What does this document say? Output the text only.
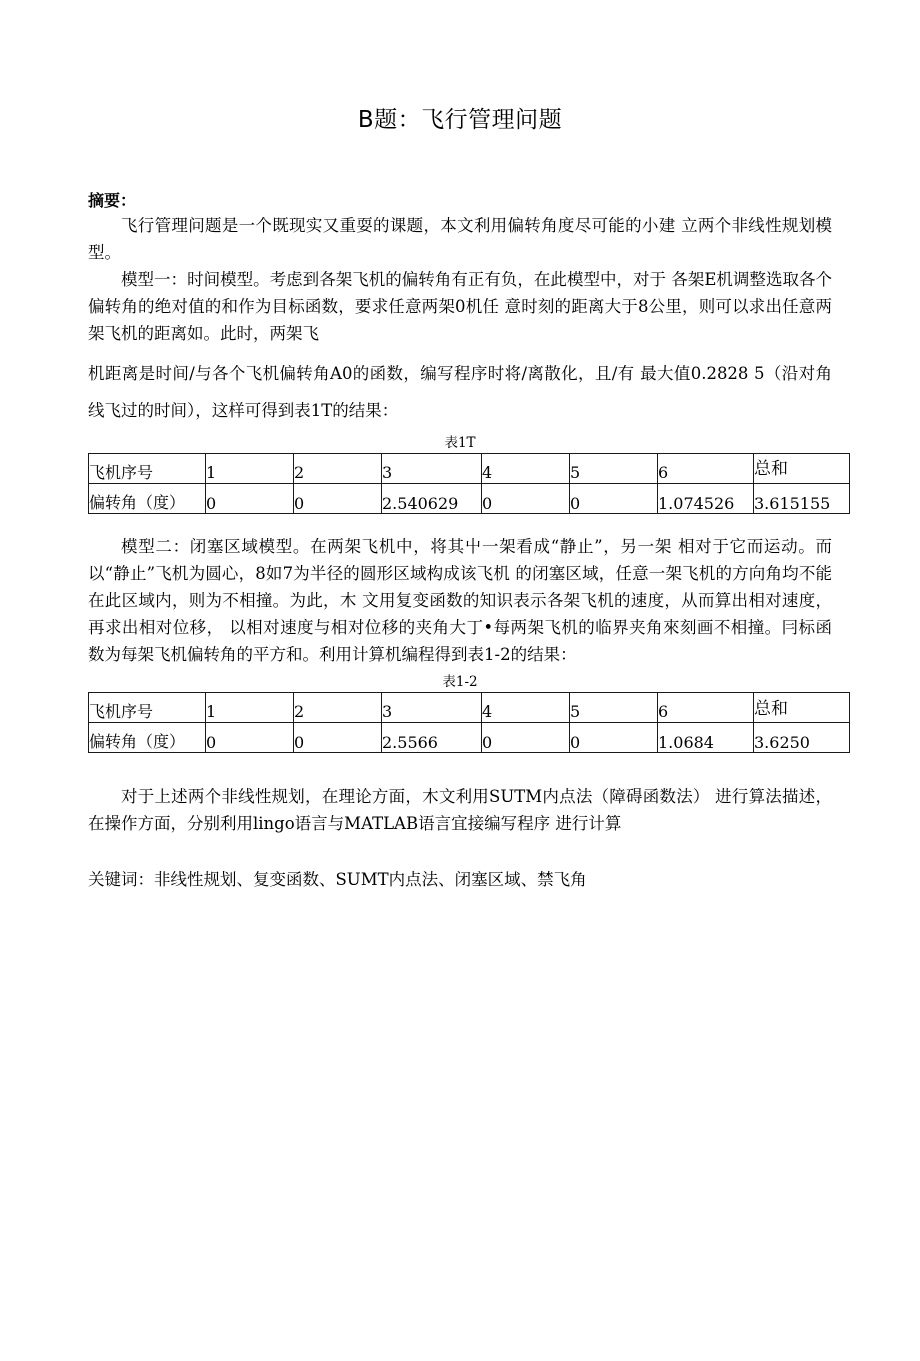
B题：飞行管理问题
摘要：

飞行管理问题是一个既现实又重耍的课题，本文利用偏转角度尽可能的小建 立两个非线性规划模型。

模型一：时间模型。考虑到各架飞机的偏转角有正有负，在此模型中，对于 各架E机调整选取各个偏转角的绝对值的和作为目标函数，要求任意两架0机任 意时刻的距离大于8公里，则可以求出任意两架飞机的距离如。此时，两架飞

机距离是时间/与各个飞机偏转角A0的函数，编写程序时将/离散化，且/有 最大值0.2828 5（沿对角线飞过的时间），这样可得到表1T的结果：

表1T
飞机序号	1	2	3	4	5	6	总和
偏转角（度）	0	0	2.540629	0	0	1.074526	3.615155

模型二：闭塞区域模型。在两架飞机中，将其屮一架看成“静止”，另一架 相对于它而运动。而以“静止”飞机为圆心，8如7为半径的圆形区域构成该飞机 的闭塞区域，任意一架飞机的方向角均不能在此区域内，则为不相撞。为此，木 文用复变函数的知识表示各架飞机的速度，从而算出相对速度，再求出相对位移， 以相对速度与相对位移的夹角大丁•每两架飞机的临界夹角來刻画不相撞。冃标函 数为每架飞机偏转角的平方和。利用计算机编程得到表1-2的结果：

表1-2
飞机序号	1	2	3	4	5	6	总和
偏转角（度）	0	0	2.5566	0	0	1.0684	3.6250

对于上述两个非线性规划，在理论方面，木文利用SUTM内点法（障碍函数法） 进行算法描述，在操作方面，分别利用lingo语言与MATLAB语言宜接编写程序 进行计算

关键词：非线性规划、复变函数、SUMT内点法、闭塞区域、禁飞角
